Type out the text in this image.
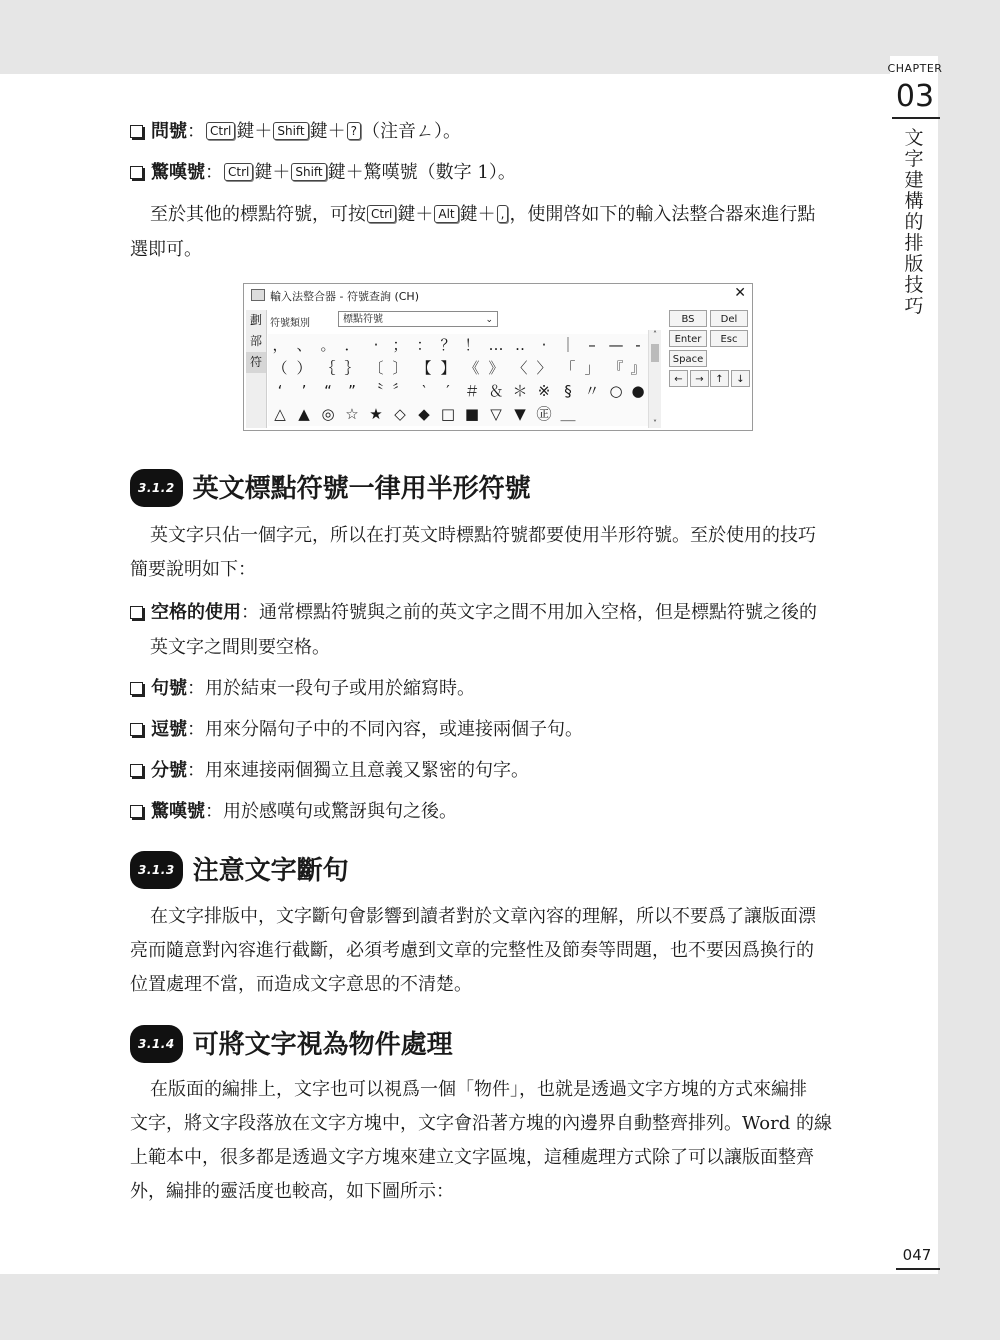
CHAPTER
03
文
字
建
構
的
排
版
技
巧
047
問號： Ctrl 鍵＋ Shift 鍵＋ ? （注音ㄥ）。
驚嘆號： Ctrl 鍵＋ Shift 鍵＋驚嘆號（數字 1）。
至於其他的標點符號，可按 Ctrl 鍵＋ Alt 鍵＋ , ，使開啓如下的輸入法整合器來進行點
選即可。
輸入法整合器 - 符號查詢 (CH)	✕
劃
部
符
符號類別	標點符號	⌄
， 、 。 ． ‧ ； ： ？ ！ … ‥	· ｜ – — -
（ ） ｛ ｝ 〔 〕 【 】 《 》 〈 〉 「 」 『 』
‘	’	“	” 〝 〞 ‵	′ ＃ ＆ ＊ ※ § 〃 ○ ●
△ ▲ ◎ ☆ ★ ◇ ◆ □ ■ ▽ ▼ ㊣ ＿
˄
˅
BS	Del
Enter	Esc
Space
←	→	↑	↓
3.1.2 英文標點符號一律用半形符號
英文字只佔一個字元，所以在打英文時標點符號都要使用半形符號。至於使用的技巧
簡要說明如下：
空格的使用：通常標點符號與之前的英文字之間不用加入空格，但是標點符號之後的
英文字之間則要空格。
句號：用於結束一段句子或用於縮寫時。
逗號：用來分隔句子中的不同內容，或連接兩個子句。
分號：用來連接兩個獨立且意義又緊密的句字。
驚嘆號：用於感嘆句或驚訝與句之後。
3.1.3 注意文字斷句
在文字排版中，文字斷句會影響到讀者對於文章內容的理解，所以不要爲了讓版面漂
亮而隨意對內容進行截斷，必須考慮到文章的完整性及節奏等問題，也不要因爲換行的
位置處理不當，而造成文字意思的不清楚。
3.1.4 可將文字視為物件處理
在版面的編排上，文字也可以視爲一個「物件」，也就是透過文字方塊的方式來編排
文字，將文字段落放在文字方塊中，文字會沿著方塊的內邊界自動整齊排列。Word 的線
上範本中，很多都是透過文字方塊來建立文字區塊，這種處理方式除了可以讓版面整齊
外，編排的靈活度也較高，如下圖所示：
